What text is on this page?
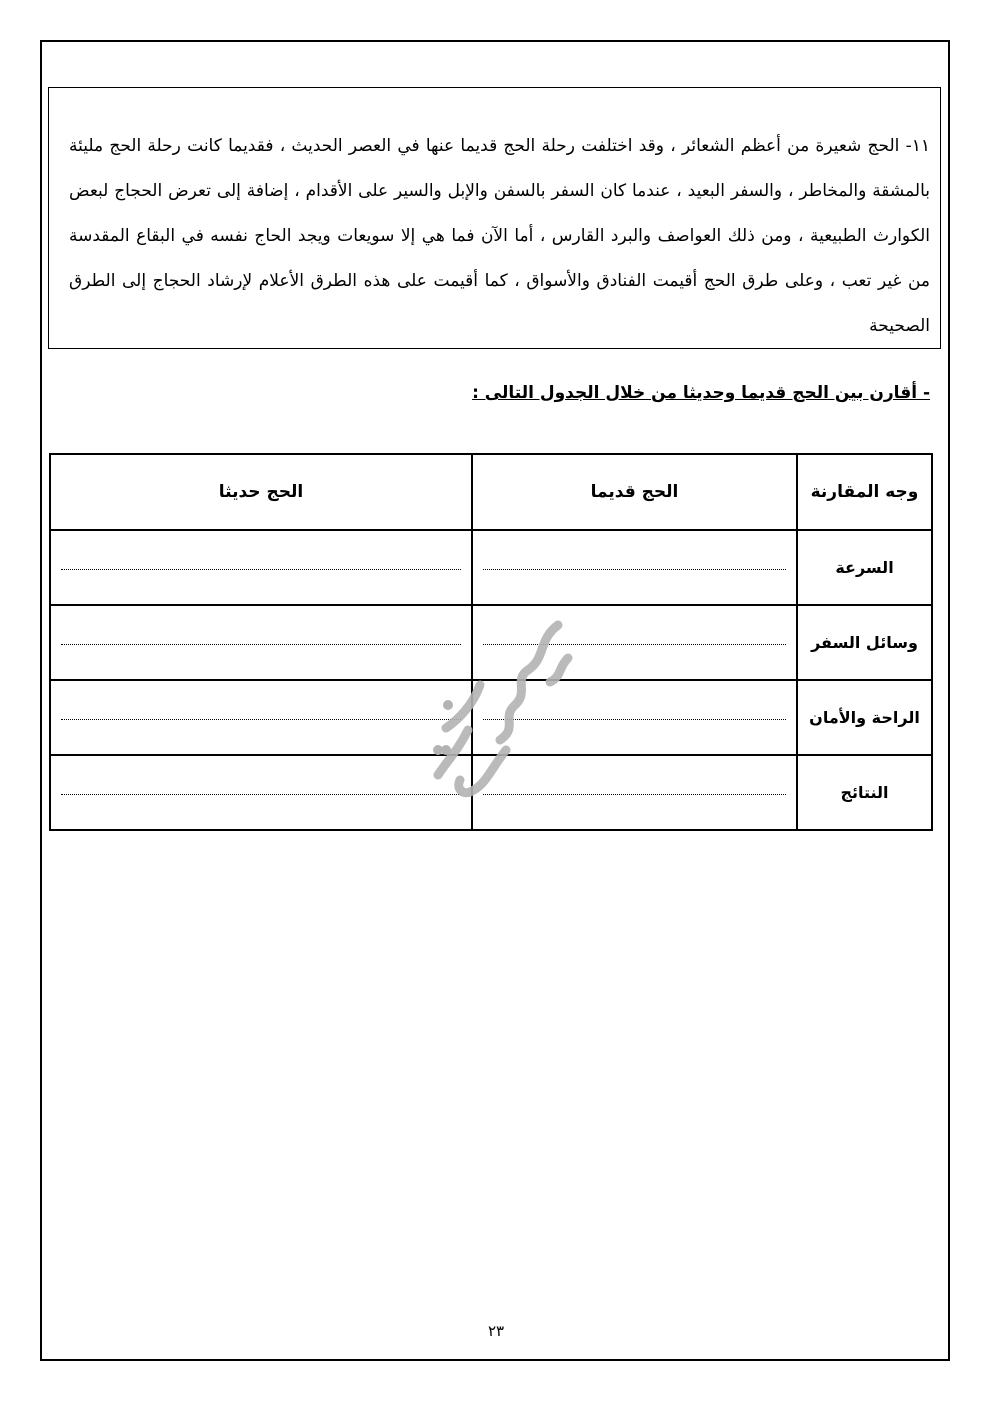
١١- الحج شعيرة من أعظم الشعائر ، وقد اختلفت رحلة الحج قديما عنها في العصر الحديث ، فقديما كانت رحلة الحج مليئة بالمشقة والمخاطر ، والسفر البعيد ، عندما كان السفر بالسفن والإبل والسير على الأقدام ، إضافة إلى تعرض الحجاج لبعض الكوارث الطبيعية ، ومن ذلك العواصف والبرد القارس ، أما الآن فما هي إلا سويعات ويجد الحاج نفسه في البقاع المقدسة من غير تعب ، وعلى طرق الحج أقيمت الفنادق والأسواق ، كما أقيمت على هذه الطرق الأعلام لإرشاد الحجاج إلى الطرق الصحيحة

- أقارن بين الحج قديما وحديثا من خلال الجدول التالى :
وجه المقارنة	الحج قديما	الحج حديثا
السرعة	

وسائل السفر	

الراحة والأمان	

النتائج	

٢٣
